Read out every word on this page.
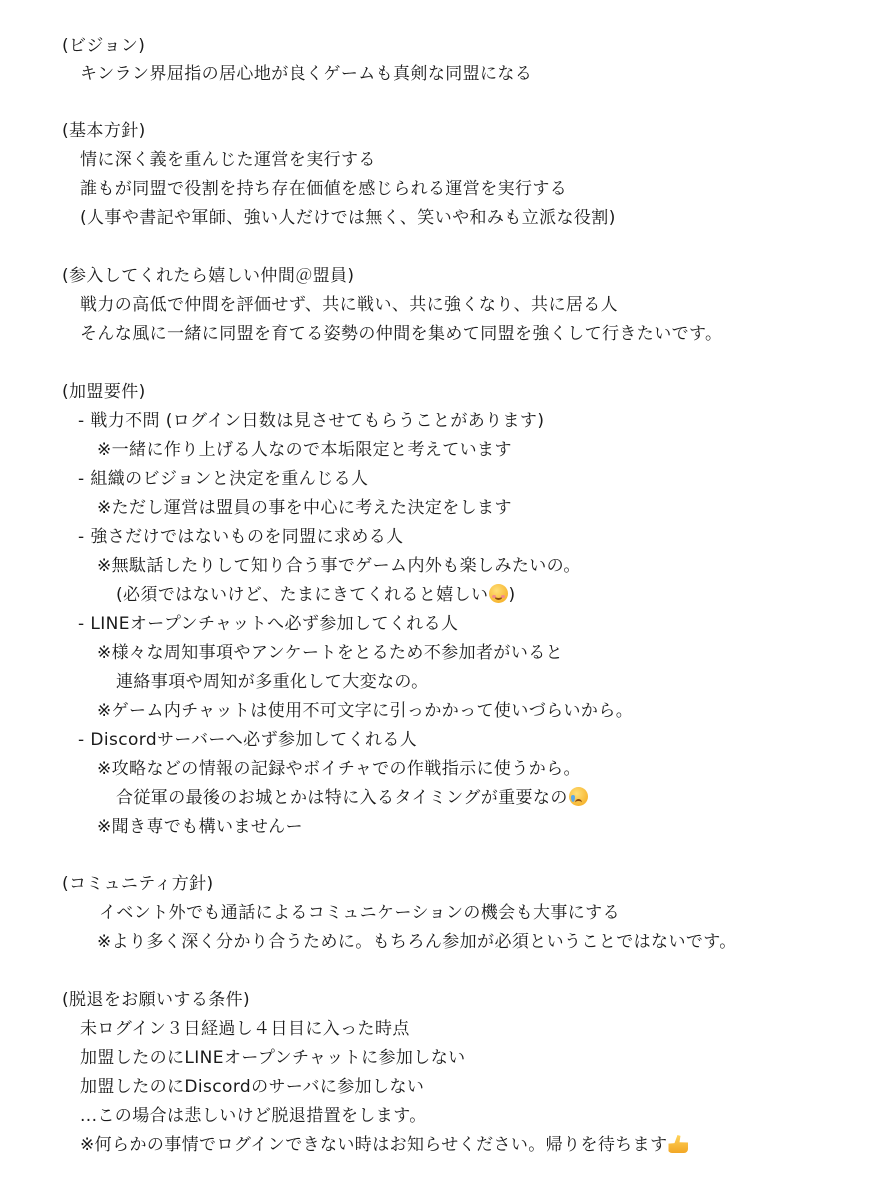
(ビジョン)
キンラン界屈指の居心地が良くゲームも真剣な同盟になる
(基本方針)
情に深く義を重んじた運営を実行する
誰もが同盟で役割を持ち存在価値を感じられる運営を実行する
(人事や書記や軍師、強い人だけでは無く、笑いや和みも立派な役割)
(参入してくれたら嬉しい仲間＠盟員)
戦力の高低で仲間を評価せず、共に戦い、共に強くなり、共に居る人
そんな風に一緒に同盟を育てる姿勢の仲間を集めて同盟を強くして行きたいです。
(加盟要件)
- 戦力不問 (ログイン日数は見させてもらうことがあります)
※一緒に作り上げる人なので本垢限定と考えています
- 組織のビジョンと決定を重んじる人
※ただし運営は盟員の事を中心に考えた決定をします
- 強さだけではないものを同盟に求める人
※無駄話したりして知り合う事でゲーム内外も楽しみたいの。
(必須ではないけど、たまにきてくれると嬉しい )
- LINEオープンチャットへ必ず参加してくれる人
※様々な周知事項やアンケートをとるため不参加者がいると
連絡事項や周知が多重化して大変なの。
※ゲーム内チャットは使用不可文字に引っかかって使いづらいから。
- Discordサーバーへ必ず参加してくれる人
※攻略などの情報の記録やボイチャでの作戦指示に使うから。
合従軍の最後のお城とかは特に入るタイミングが重要なの
※聞き専でも構いませんー
(コミュニティ方針)
イベント外でも通話によるコミュニケーションの機会も大事にする
※より多く深く分かり合うために。もちろん参加が必須ということではないです。
(脱退をお願いする条件)
未ログイン３日経過し４日目に入った時点
加盟したのにLINEオープンチャットに参加しない
加盟したのにDiscordのサーバに参加しない
...この場合は悲しいけど脱退措置をします。
※何らかの事情でログインできない時はお知らせください。帰りを待ちます
